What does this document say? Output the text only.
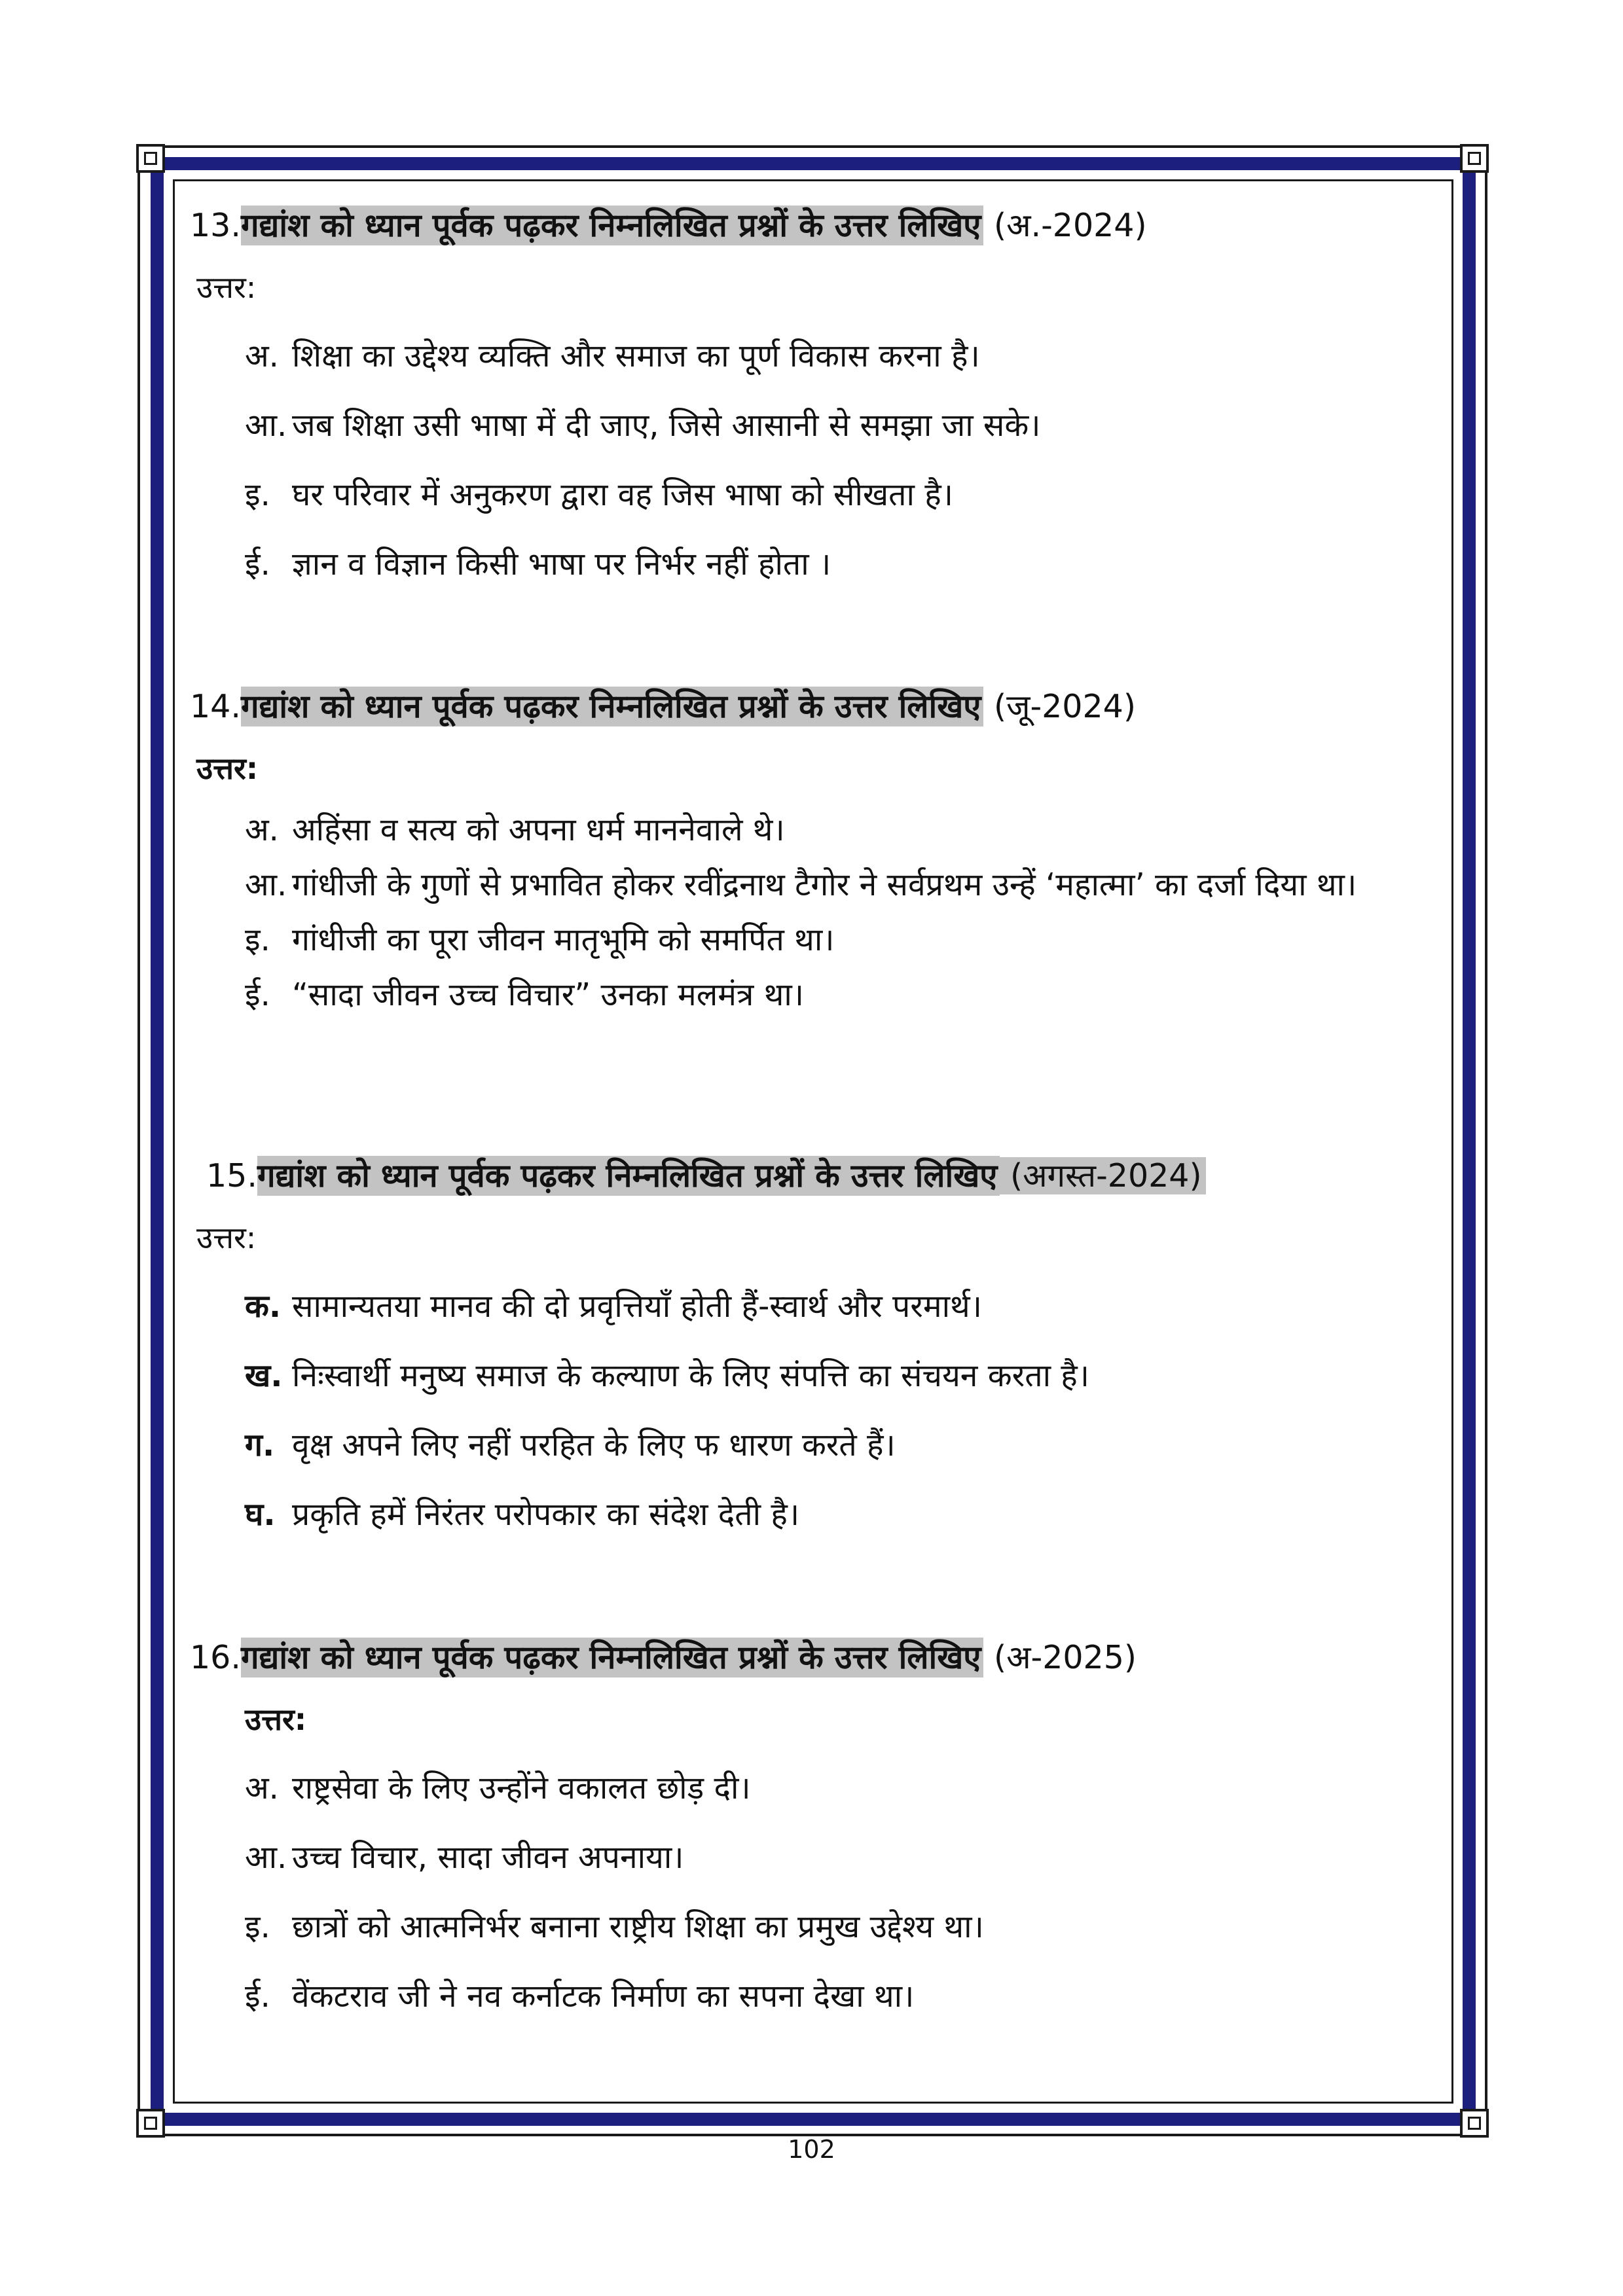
13.गद्यांश को ध्यान पूर्वक पढ़कर निम्नलिखित प्रश्नों के उत्तर लिखिए (अ.-2024)
उत्तर:
अ. शिक्षा का उद्देश्य व्यक्ति और समाज का पूर्ण विकास करना है।
आ. जब शिक्षा उसी भाषा में दी जाए, जिसे आसानी से समझा जा सके।
इ. घर परिवार में अनुकरण द्वारा वह जिस भाषा को सीखता है।
ई. ज्ञान व विज्ञान किसी भाषा पर निर्भर नहीं होता ।
14.गद्यांश को ध्यान पूर्वक पढ़कर निम्नलिखित प्रश्नों के उत्तर लिखिए (जू-2024)
उत्तर:
अ. अहिंसा व सत्य को अपना धर्म माननेवाले थे।
आ. गांधीजी के गुणों से प्रभावित होकर रवींद्रनाथ टैगोर ने सर्वप्रथम उन्हें ‘महात्मा’ का दर्जा दिया था।
इ. गांधीजी का पूरा जीवन मातृभूमि को समर्पित था।
ई. “सादा जीवन उच्च विचार” उनका मलमंत्र था।
15.गद्यांश को ध्यान पूर्वक पढ़कर निम्नलिखित प्रश्नों के उत्तर लिखिए (अगस्त-2024)
उत्तर:
क. सामान्यतया मानव की दो प्रवृत्तियाँ होती हैं-स्वार्थ और परमार्थ।
ख. निःस्वार्थी मनुष्य समाज के कल्याण के लिए संपत्ति का संचयन करता है।
ग. वृक्ष अपने लिए नहीं परहित के लिए फ धारण करते हैं।
घ. प्रकृति हमें निरंतर परोपकार का संदेश देती है।
16.गद्यांश को ध्यान पूर्वक पढ़कर निम्नलिखित प्रश्नों के उत्तर लिखिए (अ-2025)
उत्तर:
अ. राष्ट्रसेवा के लिए उन्होंने वकालत छोड़ दी।
आ. उच्च विचार, सादा जीवन अपनाया।
इ. छात्रों को आत्मनिर्भर बनाना राष्ट्रीय शिक्षा का प्रमुख उद्देश्य था।
ई. वेंकटराव जी ने नव कर्नाटक निर्माण का सपना देखा था।
102
